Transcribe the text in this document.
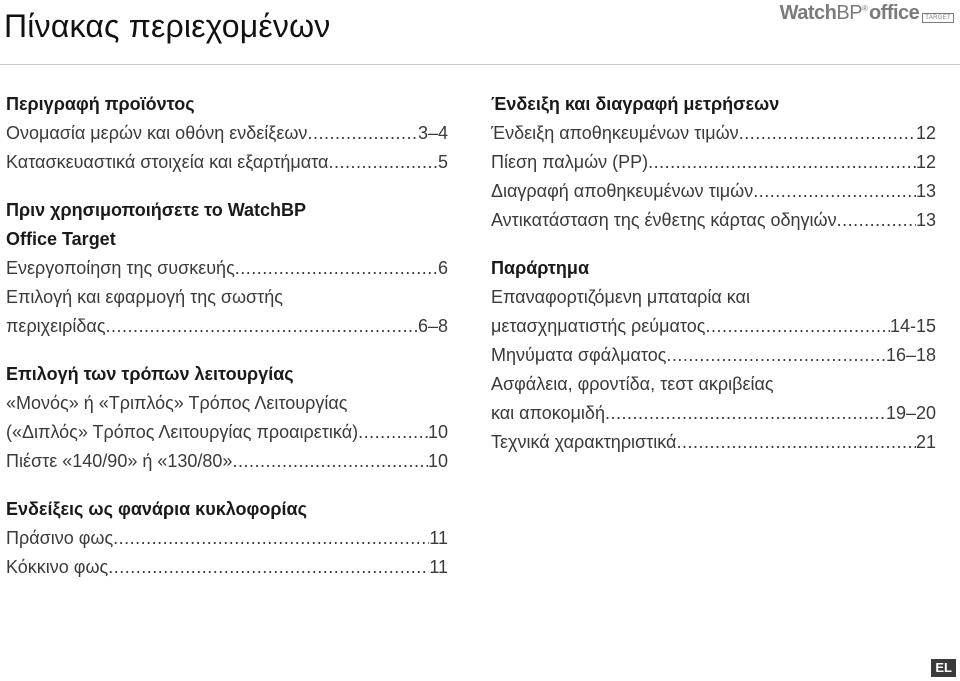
Πίνακας περιεχομένων	Watch BP ® office	TARGET
Περιγραφή προϊόντος
Ονομασία μερών και οθόνη ενδείξεων .....	3–4
Κατασκευαστικά στοιχεία και εξαρτήματα .....	5
Πριν χρησιμοποιήσετε το WatchBP
Office Target
Ενεργοποίηση της συσκευής .....	6
Επιλογή και εφαρμογή της σωστής
περιχειρίδας .....	6–8
Επιλογή των τρόπων λειτουργίας
«Μονός» ή «Τριπλός» Τρόπος Λειτουργίας
(«Διπλός» Τρόπος Λειτουργίας προαιρετικά) .....	10
Πιέστε «140/90» ή «130/80» .....	10
Ενδείξεις ως φανάρια κυκλοφορίας
Πράσινο φως .....	11
Κόκκινο φως .....	11
Ένδειξη και διαγραφή μετρήσεων
Ένδειξη αποθηκευμένων τιμών .....	12
Πίεση παλμών (PP) .....	12
Διαγραφή αποθηκευμένων τιμών .....	13
Αντικατάσταση της ένθετης κάρτας οδηγιών .....	13
Παράρτημα
Επαναφορτιζόμενη μπαταρία και
μετασχηματιστής ρεύματος .....	14-15
Μηνύματα σφάλματος .....	16–18
Ασφάλεια, φροντίδα, τεστ ακριβείας
και αποκομιδή .....	19–20
Τεχνικά χαρακτηριστικά .....	21
EL
